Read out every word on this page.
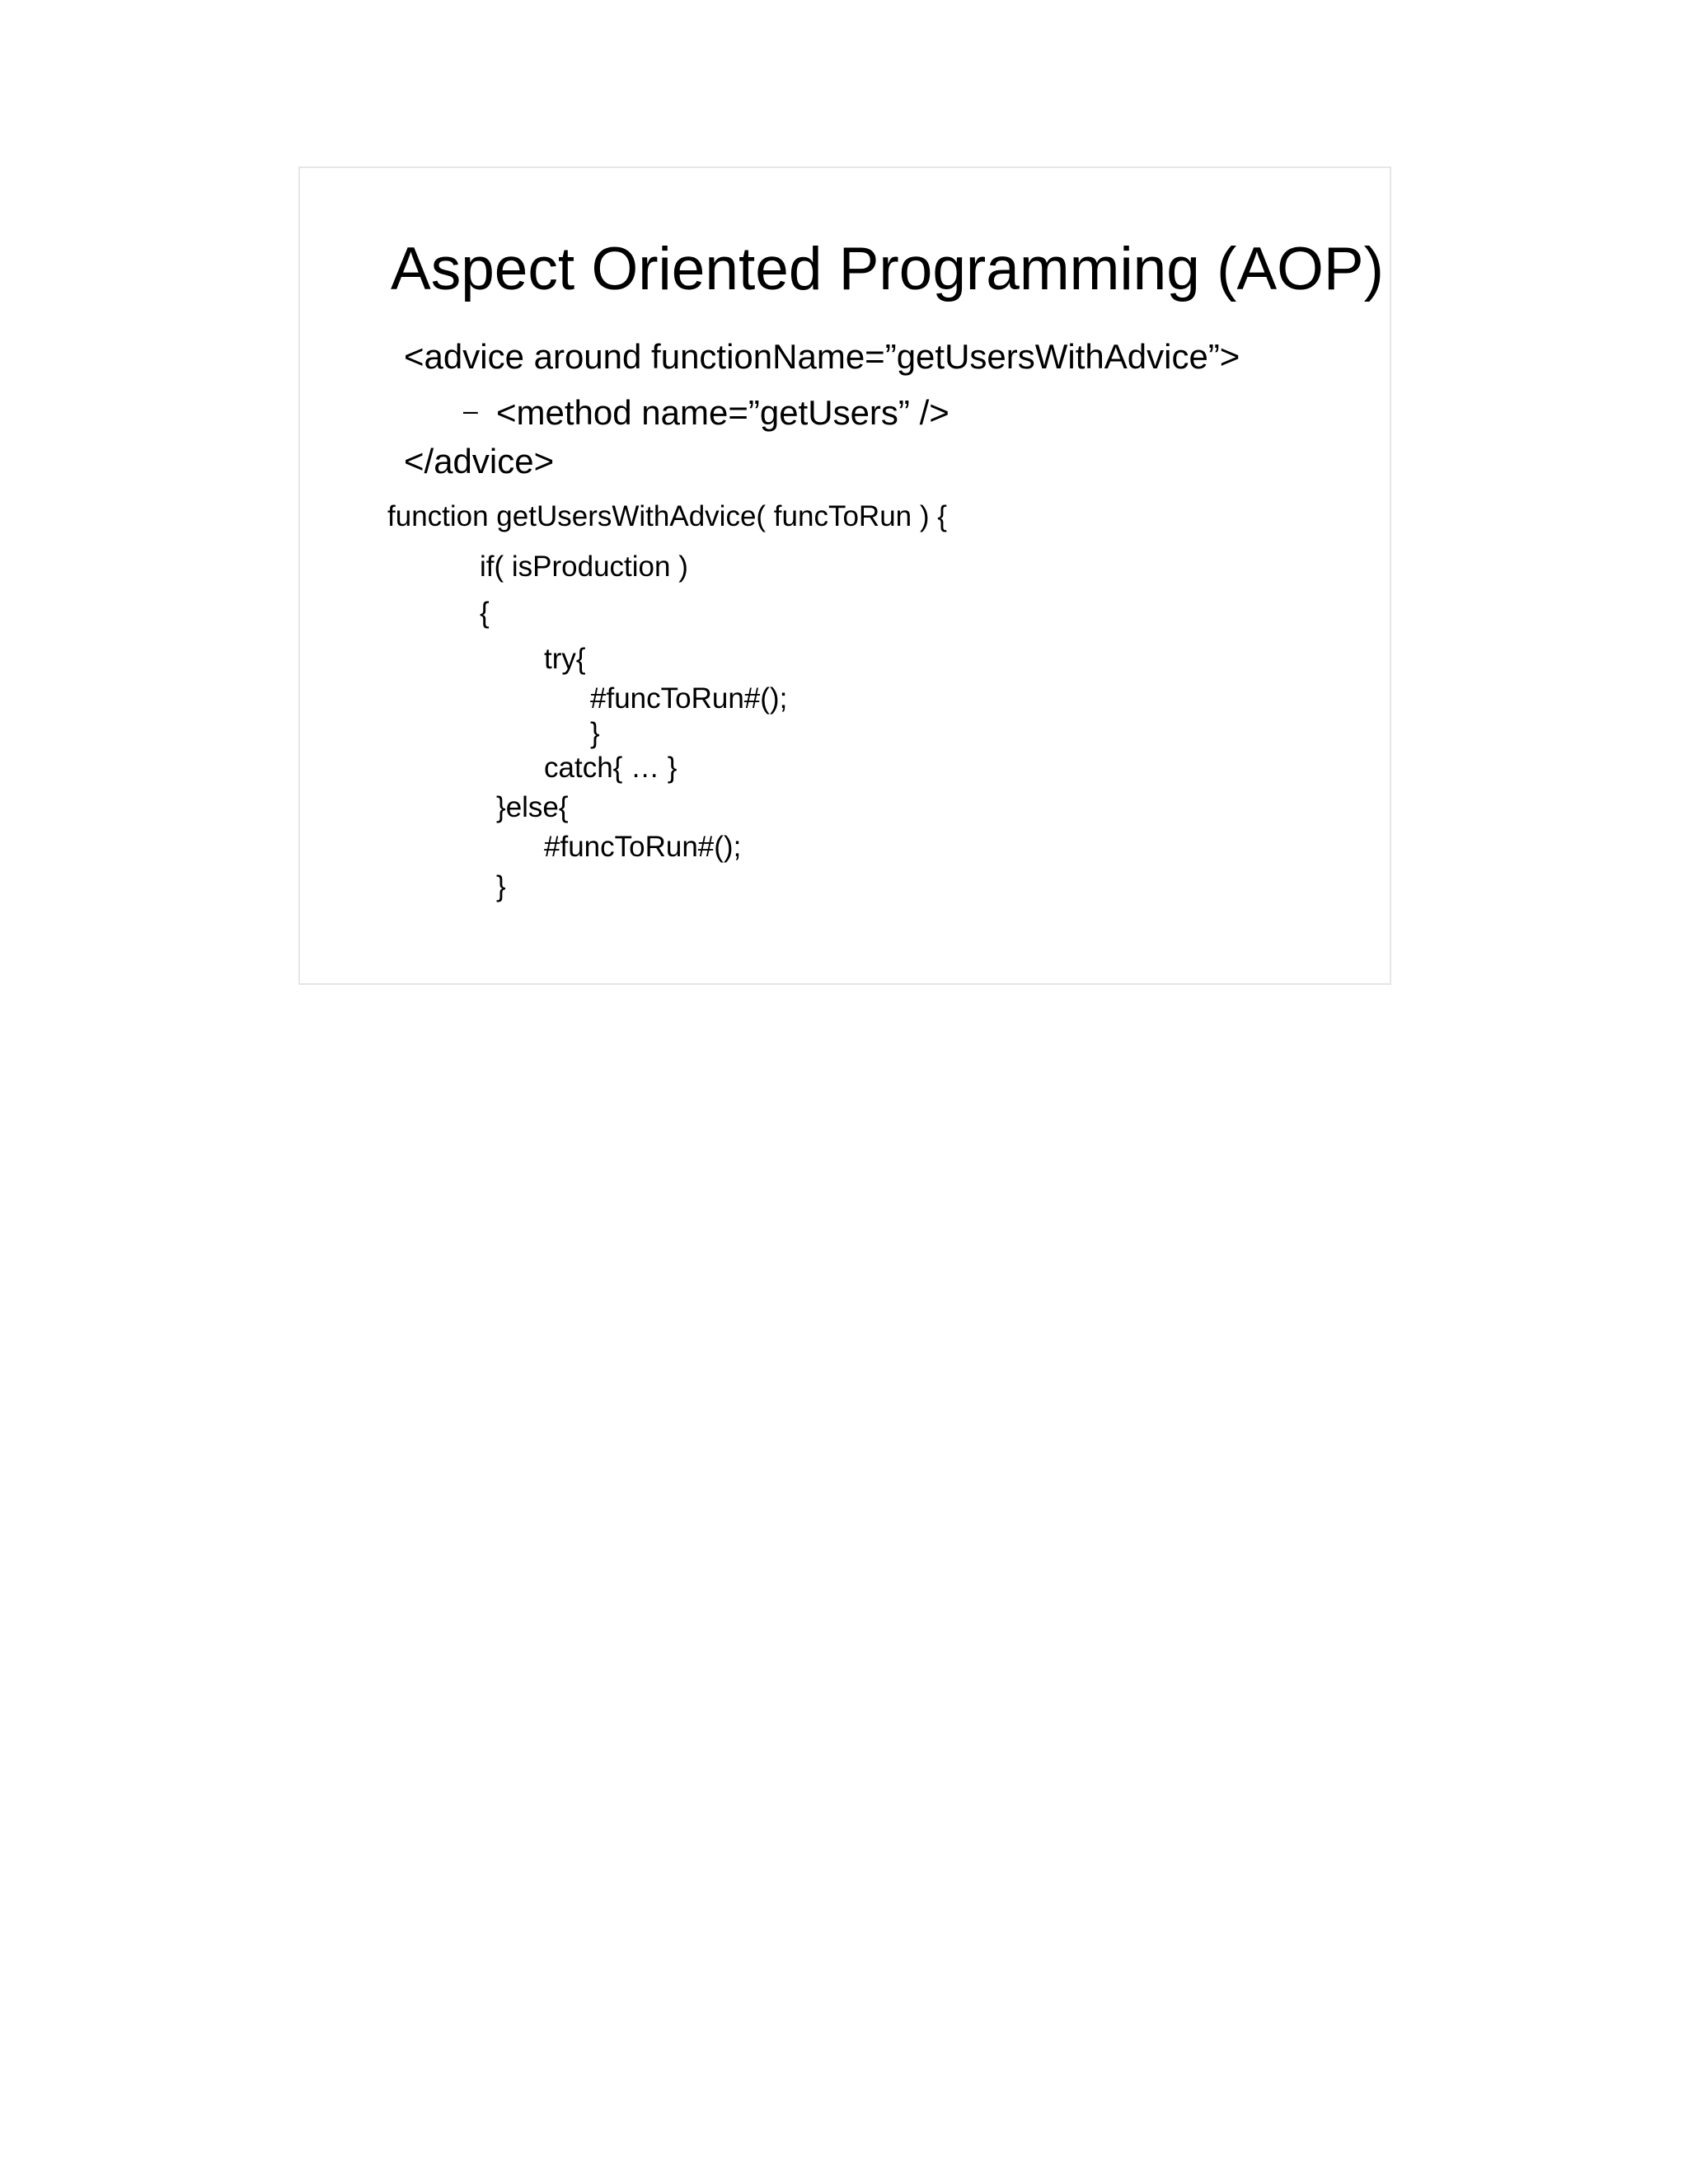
Aspect Oriented Programming (AOP)
<advice around functionName=”getUsersWithAdvice”>
– <method name=”getUsers” />
</advice>
function getUsersWithAdvice( funcToRun ) {
if( isProduction )
{
try{
#funcToRun#();
}
catch{ … }
}else{
#funcToRun#();
}
